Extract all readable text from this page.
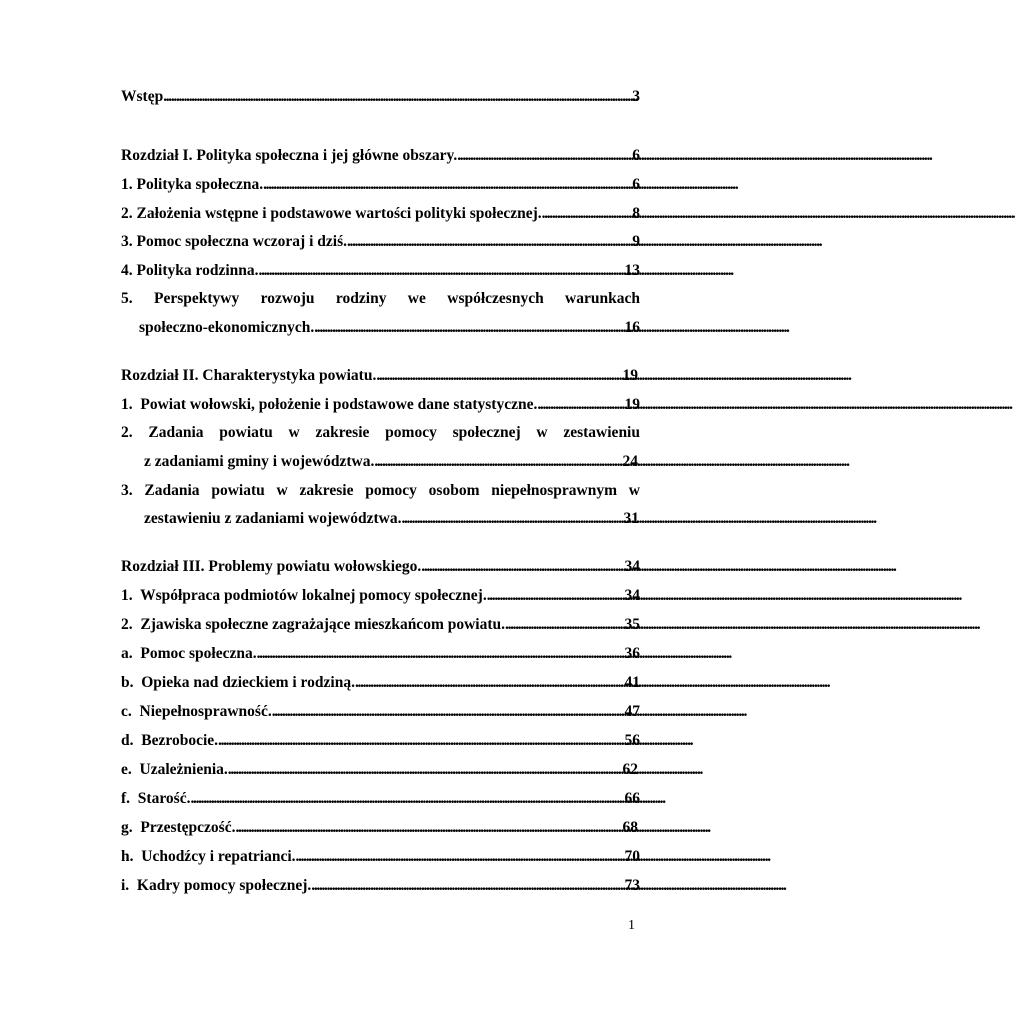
Wstęp . . .	3
Rozdział I. Polityka społeczna i jej główne obszary. . . .	6
1. Polityka społeczna. . . .	6
2. Założenia wstępne i podstawowe wartości polityki społecznej. . . .	8
3. Pomoc społeczna wczoraj i dziś. . . .	9
4. Polityka rodzinna. . . .	13
5. Perspektywy rozwoju rodziny we współczesnych warunkach
społeczno-ekonomicznych. . . .	16
Rozdział II. Charakterystyka powiatu. . . .	19
1.  Powiat wołowski, położenie i podstawowe dane statystyczne. . . .	19
2. Zadania powiatu w zakresie pomocy społecznej w zestawieniu
z zadaniami gminy i województwa. . . .	24
3. Zadania powiatu w zakresie pomocy osobom niepełnosprawnym w
zestawieniu z zadaniami województwa. . . .	31
Rozdział III. Problemy powiatu wołowskiego. . . .	34
1.  Współpraca podmiotów lokalnej pomocy społecznej. . . .	34
2.  Zjawiska społeczne zagrażające mieszkańcom powiatu. . . .	35
a.  Pomoc społeczna. . . .	36
b.  Opieka nad dzieckiem i rodziną. . . .	41
c.  Niepełnosprawność. . . .	47
d.  Bezrobocie. . . .	56
e.  Uzależnienia. . . .	62
f.  Starość. . . .	66
g.  Przestępczość. . . .	68
h.  Uchodźcy i repatrianci. . . .	70
i.  Kadry pomocy społecznej. . . .	73
1
